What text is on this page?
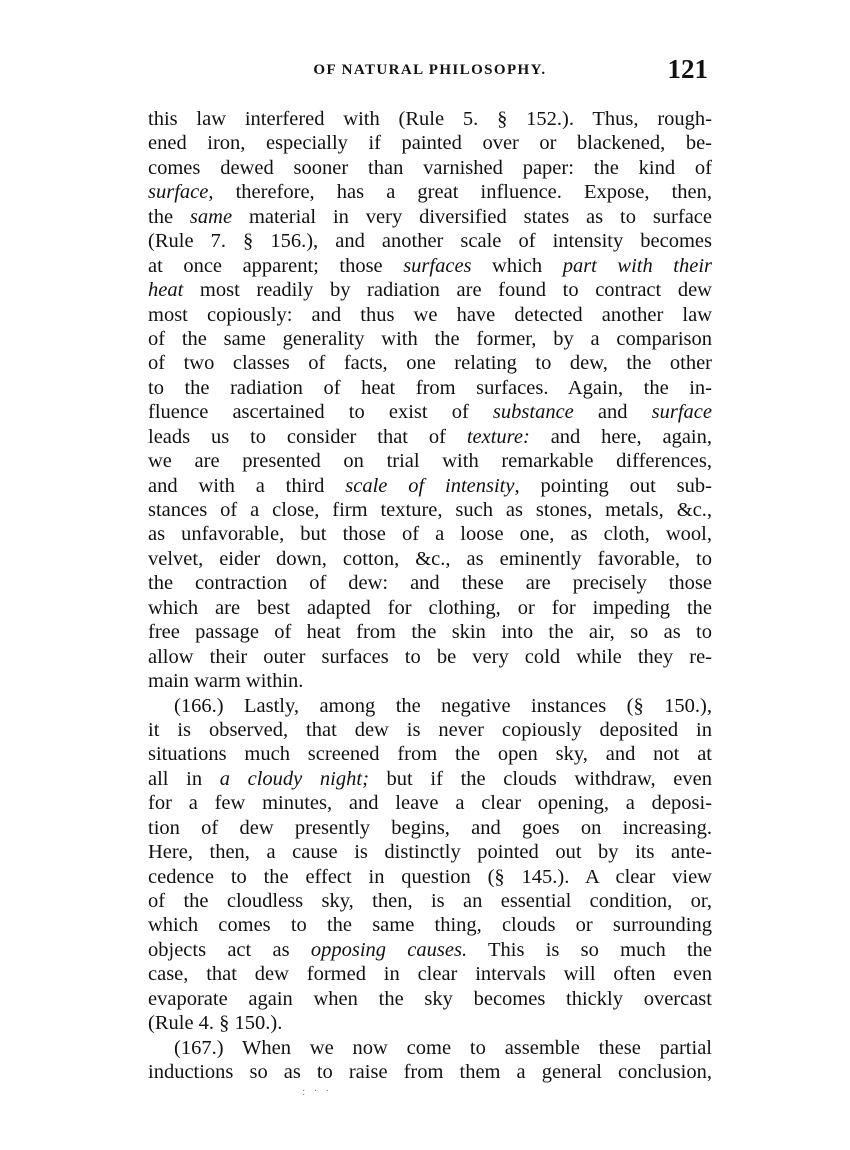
OF NATURAL PHILOSOPHY.	121
this law interfered with (Rule 5. § 152.). Thus, rough-
ened iron, especially if painted over or blackened, be-
comes dewed sooner than varnished paper: the kind of
surface, therefore, has a great influence. Expose, then,
the same material in very diversified states as to surface
(Rule 7. § 156.), and another scale of intensity becomes
at once apparent; those surfaces which part with their
heat most readily by radiation are found to contract dew
most copiously: and thus we have detected another law
of the same generality with the former, by a comparison
of two classes of facts, one relating to dew, the other
to the radiation of heat from surfaces. Again, the in-
fluence ascertained to exist of substance and surface
leads us to consider that of texture: and here, again,
we are presented on trial with remarkable differences,
and with a third scale of intensity, pointing out sub-
stances of a close, firm texture, such as stones, metals, &c.,
as unfavorable, but those of a loose one, as cloth, wool,
velvet, eider down, cotton, &c., as eminently favorable, to
the contraction of dew: and these are precisely those
which are best adapted for clothing, or for impeding the
free passage of heat from the skin into the air, so as to
allow their outer surfaces to be very cold while they re-
main warm within.
(166.) Lastly, among the negative instances (§ 150.),
it is observed, that dew is never copiously deposited in
situations much screened from the open sky, and not at
all in a cloudy night; but if the clouds withdraw, even
for a few minutes, and leave a clear opening, a deposi-
tion of dew presently begins, and goes on increasing.
Here, then, a cause is distinctly pointed out by its ante-
cedence to the effect in question (§ 145.). A clear view
of the cloudless sky, then, is an essential condition, or,
which comes to the same thing, clouds or surrounding
objects act as opposing causes. This is so much the
case, that dew formed in clear intervals will often even
evaporate again when the sky becomes thickly overcast
(Rule 4. § 150.).
(167.) When we now come to assemble these partial
inductions so as to raise from them a general conclusion,
· · · ·
